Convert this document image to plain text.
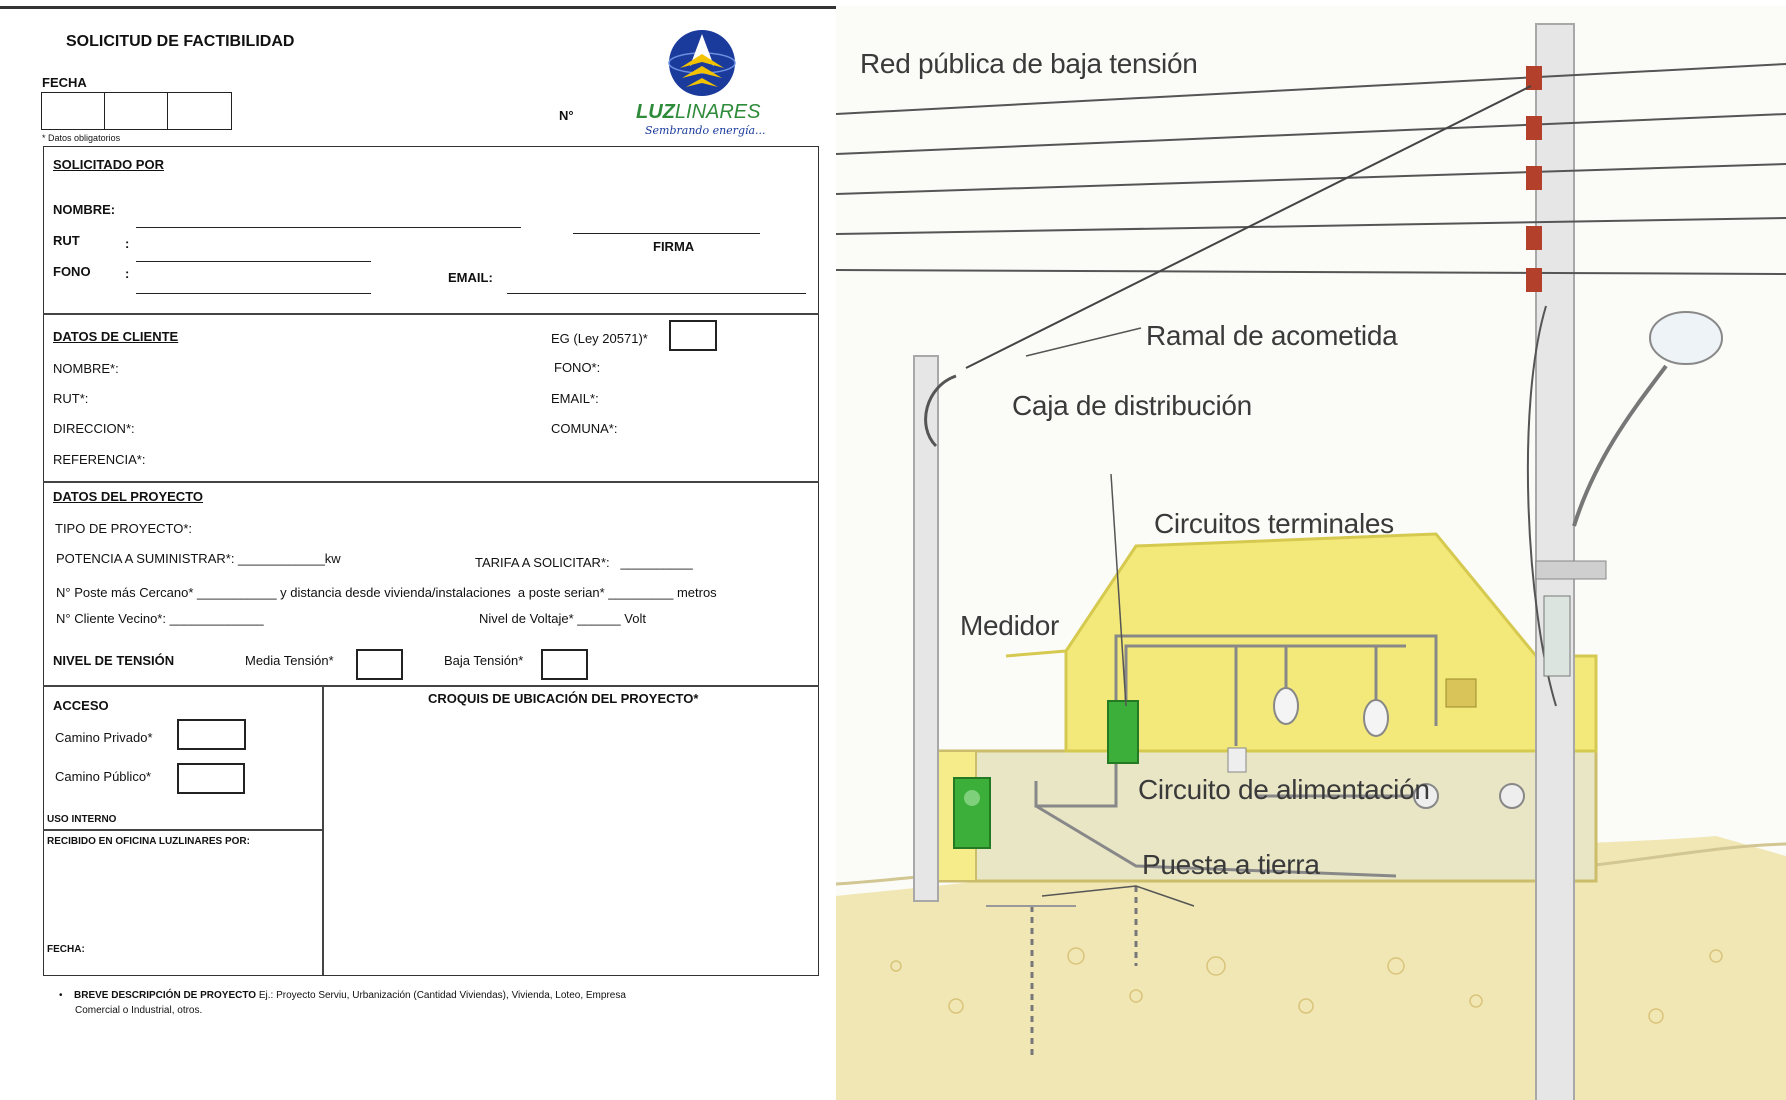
SOLICITUD DE FACTIBILIDAD
FECHA
* Datos obligatorios
N°	LUZLINARES
Sembrando energía...
SOLICITADO POR
NOMBRE:
FIRMA
RUT	:
FONO	:	EMAIL:
DATOS DE CLIENTE	EG (Ley 20571)*
NOMBRE*:	FONO*:
RUT*:	EMAIL*:
DIRECCION*:	COMUNA*:
REFERENCIA*:
DATOS DEL PROYECTO
TIPO DE PROYECTO*:
POTENCIA A SUMINISTRAR*: ____________kw	TARIFA A SOLICITAR*:   __________
N° Poste más Cercano* ___________ y distancia desde vivienda/instalaciones  a poste serian* _________ metros
N° Cliente Vecino*: _____________	Nivel de Voltaje* ______ Volt
NIVEL DE TENSIÓN	Media Tensión*	Baja Tensión*
ACCESO
Camino Privado*
Camino Público*
USO INTERNO
RECIBIDO EN OFICINA LUZLINARES POR:
FECHA:
CROQUIS DE UBICACIÓN DEL PROYECTO*
• BREVE DESCRIPCIÓN DE PROYECTO Ej.: Proyecto Serviu, Urbanización (Cantidad Viviendas), Vivienda, Loteo, Empresa
Comercial o Industrial, otros.
Red pública de baja tensión
Ramal de acometida
Caja de distribución
Circuitos terminales
Medidor
Circuito de alimentación
Puesta a tierra
